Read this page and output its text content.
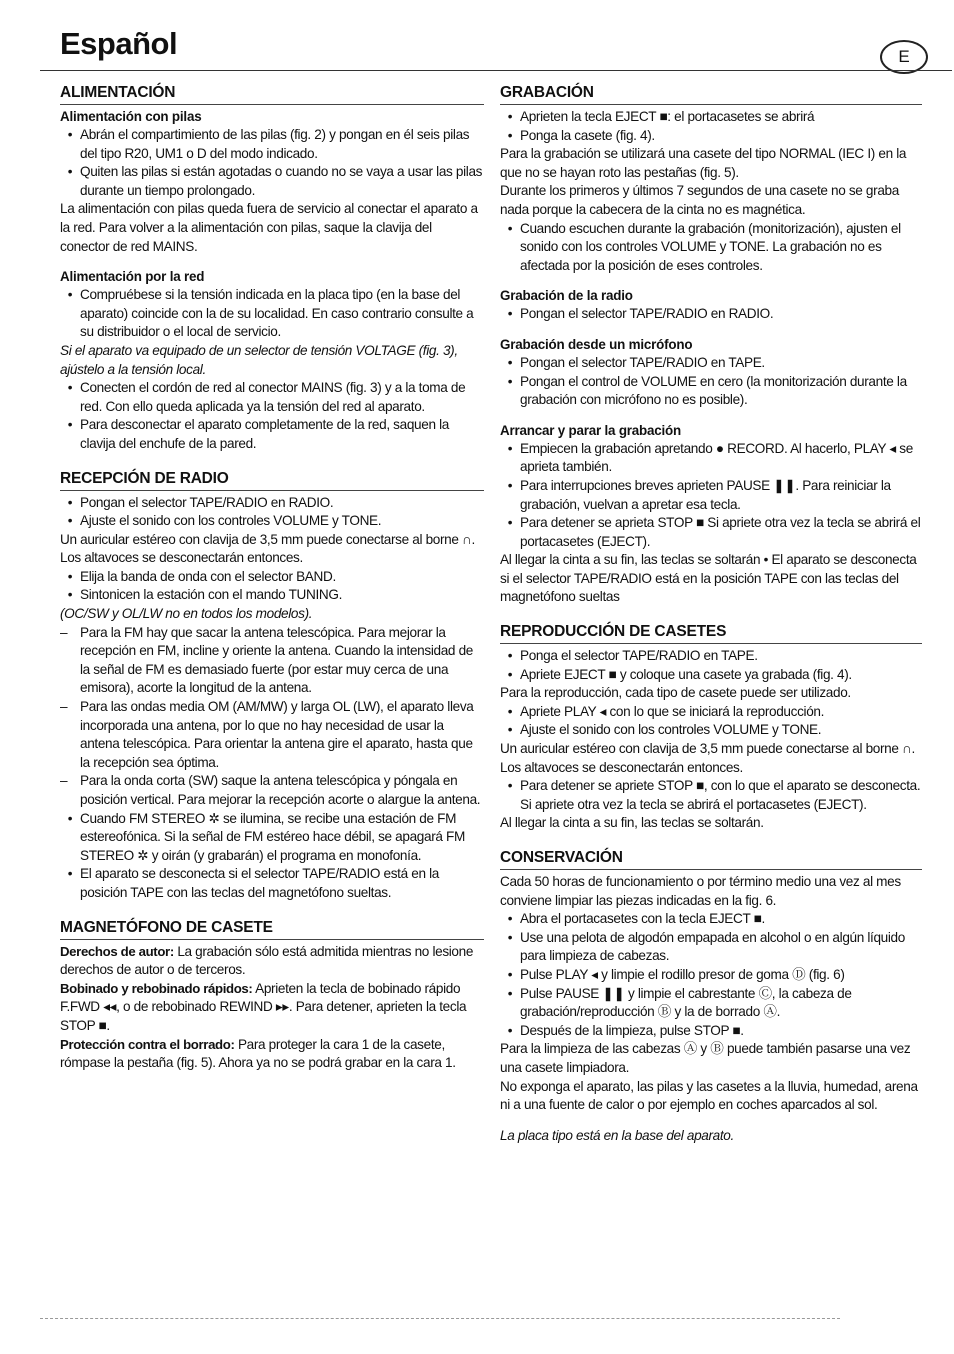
Español	E
ALIMENTACIÓN
Alimentación con pilas

• Abrán el compartimiento de las pilas (fig. 2) y pongan en él seis pilas del tipo R20, UM1 o D del modo indicado.

• Quiten las pilas si están agotadas o cuando no se vaya a usar las pilas durante un tiempo prolongado.

La alimentación con pilas queda fuera de servicio al conectar el aparato a la red. Para volver a la alimentación con pilas, saque la clavija del conector de red MAINS.

Alimentación por la red

• Compruébese si la tensión indicada en la placa tipo (en la base del aparato) coincide con la de su localidad. En caso contrario consulte a su distribuidor o el local de servicio.

Si el aparato va equipado de un selector de tensión VOLTAGE (fig. 3), ajústelo a la tensión local.

• Conecten el cordón de red al conector MAINS (fig. 3) y a la toma de red. Con ello queda aplicada ya la tensión del red al aparato.

• Para desconectar el aparato completamente de la red, saquen la clavija del enchufe de la pared.

RECEPCIÓN DE RADIO

• Pongan el selector TAPE/RADIO en RADIO.

• Ajuste el sonido con los controles VOLUME y TONE.

Un auricular estéreo con clavija de 3,5 mm puede conectarse al borne ∩. Los altavoces se desconectarán entonces.

• Elija la banda de onda con el selector BAND.

• Sintonicen la estación con el mando TUNING.

(OC/SW y OL/LW no en todos los modelos).

– Para la FM hay que sacar la antena telescópica. Para mejorar la recepción en FM, incline y oriente la antena. Cuando la intensidad de la señal de FM es demasiado fuerte (por estar muy cerca de una emisora), acorte la longitud de la antena.

– Para las ondas media OM (AM/MW) y larga OL (LW), el aparato lleva incorporada una antena, por lo que no hay necesidad de usar la antena telescópica. Para orientar la antena gire el aparato, hasta que la recepción sea óptima.

– Para la onda corta (SW) saque la antena telescópica y póngala en posición vertical. Para mejorar la recepción acorte o alargue la antena.

• Cuando FM STEREO ✲ se ilumina, se recibe una estación de FM estereofónica. Si la señal de FM estéreo hace débil, se apagará FM STEREO ✲ y oirán (y grabarán) el programa en monofonía.

• El aparato se desconecta si el selector TAPE/RADIO está en la posición TAPE con las teclas del magnetófono sueltas.

MAGNETÓFONO DE CASETE

Derechos de autor: La grabación sólo está admitida mientras no lesione derechos de autor o de terceros.

Bobinado y rebobinado rápidos: Aprieten la tecla de bobinado rápido F.FWD ◂◂, o de rebobinado REWIND ▸▸. Para detener, aprieten la tecla STOP ■.

Protección contra el borrado: Para proteger la cara 1 de la casete, rómpase la pestaña (fig. 5). Ahora ya no se podrá grabar en la cara 1.

GRABACIÓN

• Aprieten la tecla EJECT ■: el portacasetes se abrirá

• Ponga la casete (fig. 4).

Para la grabación se utilizará una casete del tipo NORMAL (IEC I) en la que no se hayan roto las pestañas (fig. 5).

Durante los primeros y últimos 7 segundos de una casete no se graba nada porque la cabecera de la cinta no es magnética.

• Cuando escuchen durante la grabación (monitorización), ajusten el sonido con los controles VOLUME y TONE. La grabación no es afectada por la posición de eses controles.

Grabación de la radio

• Pongan el selector TAPE/RADIO en RADIO.

Grabación desde un micrófono

• Pongan el selector TAPE/RADIO en TAPE.

• Pongan el control de VOLUME en cero (la monitorización durante la grabación con micrófono no es posible).

Arrancar y parar la grabación

• Empiecen la grabación apretando ● RECORD. Al hacerlo, PLAY ◂ se aprieta también.

• Para interrupciones breves aprieten PAUSE ❚❚. Para reiniciar la grabación, vuelvan a apretar esa tecla.

• Para detener se aprieta STOP ■ Si apriete otra vez la tecla se abrirá el portacasetes (EJECT).

Al llegar la cinta a su fin, las teclas se soltarán • El aparato se desconecta si el selector TAPE/RADIO está en la posición TAPE con las teclas del magnetófono sueltas

REPRODUCCIÓN DE CASETES

• Ponga el selector TAPE/RADIO en TAPE.

• Apriete EJECT ■ y coloque una casete ya grabada (fig. 4).

Para la reproducción, cada tipo de casete puede ser utilizado.

• Apriete PLAY ◂ con lo que se iniciará la reproducción.

• Ajuste el sonido con los controles VOLUME y TONE.

Un auricular estéreo con clavija de 3,5 mm puede conectarse al borne ∩. Los altavoces se desconectarán entonces.

• Para detener se apriete STOP ■, con lo que el aparato se desconecta. Si apriete otra vez la tecla se abrirá el portacasetes (EJECT).

Al llegar la cinta a su fin, las teclas se soltarán.

CONSERVACIÓN

Cada 50 horas de funcionamiento o por término medio una vez al mes conviene limpiar las piezas indicadas en la fig. 6.

• Abra el portacasetes con la tecla EJECT ■.

• Use una pelota de algodón empapada en alcohol o en algún líquido para limpieza de cabezas.

• Pulse PLAY ◂ y limpie el rodillo presor de goma Ⓓ (fig. 6)

• Pulse PAUSE ❚❚ y limpie el cabrestante Ⓒ, la cabeza de grabación/reproducción Ⓑ y la de borrado Ⓐ.

• Después de la limpieza, pulse STOP ■.

Para la limpieza de las cabezas Ⓐ y Ⓑ puede también pasarse una vez una casete limpiadora.

No exponga el aparato, las pilas y las casetes a la lluvia, humedad, arena ni a una fuente de calor o por ejemplo en coches aparcados al sol.

La placa tipo está en la base del aparato.
